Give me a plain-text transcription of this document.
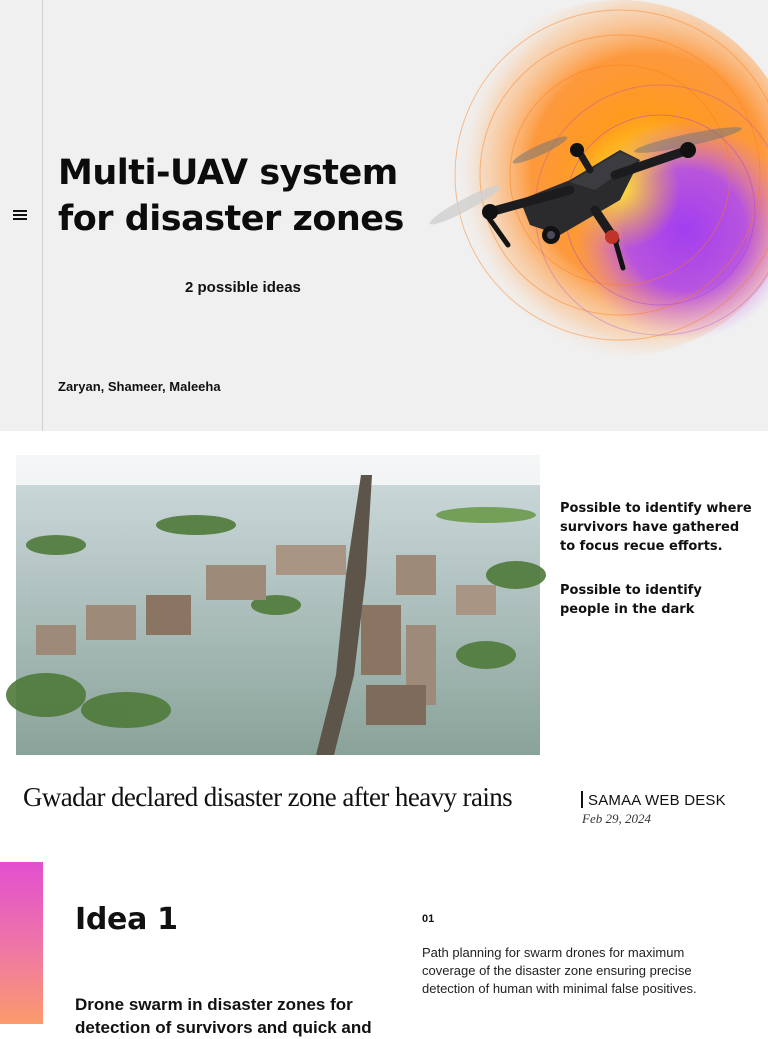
Multi-UAV system
for disaster zones
2 possible ideas
Zaryan, Shameer, Maleeha
Possible to identify where survivors have gathered to focus recue efforts.
Possible to identify people in the dark
Gwadar declared disaster zone after heavy rains	SAMAA WEB DESK
Feb 29, 2024
Idea 1
Drone swarm in disaster zones for detection of survivors and quick and
01
Path planning for swarm drones for maximum coverage of the disaster zone ensuring precise detection of human with minimal false positives.
